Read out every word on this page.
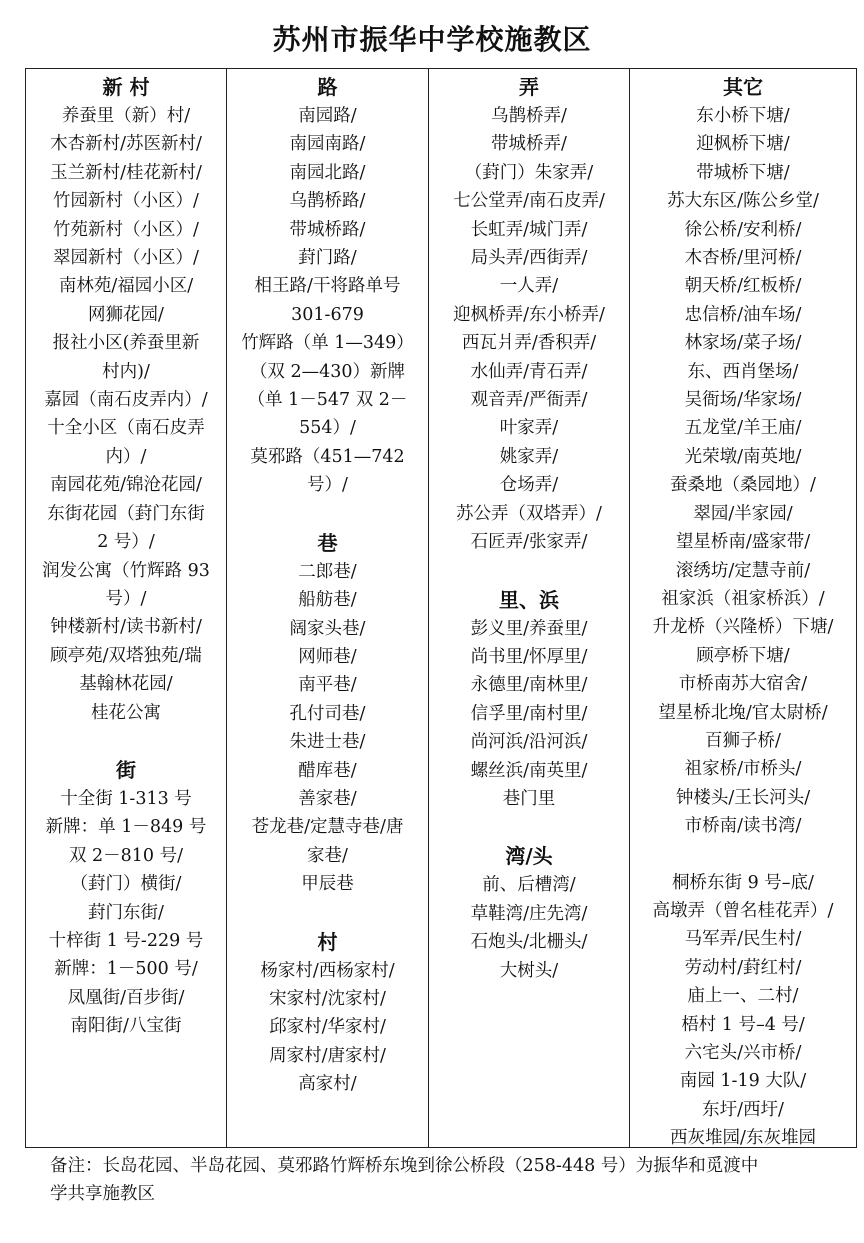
苏州市振华中学校施教区
新 村
养蚕里（新）村/
木杏新村/苏医新村/
玉兰新村/桂花新村/
竹园新村（小区）/
竹苑新村（小区）/
翠园新村（小区）/
南林苑/福园小区/
网狮花园/
报社小区(养蚕里新
村内)/
嘉园（南石皮弄内）/
十全小区（南石皮弄
内）/
南园花苑/锦沧花园/
东街花园（葑门东街
2 号）/
润发公寓（竹辉路 93
号）/
钟楼新村/读书新村/
顾亭苑/双塔独苑/瑞
基翰林花园/
桂花公寓
街
十全街 1-313 号
新牌：单 1－849 号
双 2－810 号/
（葑门）横街/
葑门东街/
十梓街 1 号-229 号
新牌：1－500 号/
凤凰街/百步街/
南阳街/八宝街
路
南园路/
南园南路/
南园北路/
乌鹊桥路/
带城桥路/
葑门路/
相王路/干将路单号
301-679
竹辉路（单 1—349）
（双 2—430）新牌
（单 1－547 双 2－
554）/
莫邪路（451—742
号）/
巷
二郎巷/
船舫巷/
阔家头巷/
网师巷/
南平巷/
孔付司巷/
朱进士巷/
醋库巷/
善家巷/
苍龙巷/定慧寺巷/唐
家巷/
甲辰巷
村
杨家村/西杨家村/
宋家村/沈家村/
邱家村/华家村/
周家村/唐家村/
高家村/
弄
乌鹊桥弄/
带城桥弄/
（葑门）朱家弄/
七公堂弄/南石皮弄/
长虹弄/城门弄/
局头弄/西街弄/
一人弄/
迎枫桥弄/东小桥弄/
西瓦爿弄/香积弄/
水仙弄/青石弄/
观音弄/严衙弄/
叶家弄/
姚家弄/
仓场弄/
苏公弄（双塔弄）/
石匠弄/张家弄/
里、浜
彭义里/养蚕里/
尚书里/怀厚里/
永德里/南林里/
信孚里/南村里/
尚河浜/沿河浜/
螺丝浜/南英里/
巷门里
湾/头
前、后槽湾/
草鞋湾/庄先湾/
石炮头/北栅头/
大树头/
其它
东小桥下塘/
迎枫桥下塘/
带城桥下塘/
苏大东区/陈公乡堂/
徐公桥/安利桥/
木杏桥/里河桥/
朝天桥/红板桥/
忠信桥/油车场/
林家场/菜子场/
东、西肖堡场/
吴衙场/华家场/
五龙堂/羊王庙/
光荣墩/南英地/
蚕桑地（桑园地）/
翠园/半家园/
望星桥南/盛家带/
滚绣坊/定慧寺前/
祖家浜（祖家桥浜）/
升龙桥（兴隆桥）下塘/
顾亭桥下塘/
市桥南苏大宿舍/
望星桥北堍/官太尉桥/
百狮子桥/
祖家桥/市桥头/
钟楼头/王长河头/
市桥南/读书湾/
桐桥东街 9 号–底/
高墩弄（曾名桂花弄）/
马军弄/民生村/
劳动村/葑红村/
庙上一、二村/
梧村 1 号–4 号/
六宅头/兴市桥/
南园 1-19 大队/
东圩/西圩/
西灰堆园/东灰堆园
备注：长岛花园、半岛花园、莫邪路竹辉桥东堍到徐公桥段（258-448 号）为振华和觅渡中
学共享施教区
